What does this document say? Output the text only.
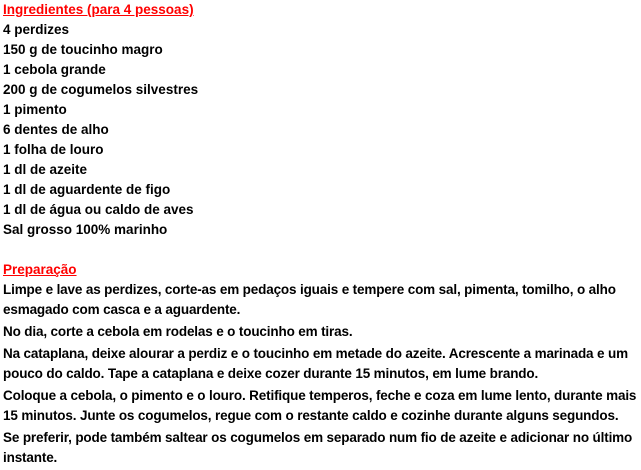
Ingredientes (para 4 pessoas)
4 perdizes
150 g de toucinho magro
1 cebola grande
200 g de cogumelos silvestres
1 pimento
6 dentes de alho
1 folha de louro
1 dl de azeite
1 dl de aguardente de figo
1 dl de água ou caldo de aves
Sal grosso 100% marinho
Preparação

Limpe e lave as perdizes, corte-as em pedaços iguais e tempere com sal, pimenta, tomilho, o alho esmagado com casca e a aguardente.

No dia, corte a cebola em rodelas e o toucinho em tiras.

Na cataplana, deixe alourar a perdiz e o toucinho em metade do azeite. Acrescente a marinada e um pouco do caldo. Tape a cataplana e deixe cozer durante 15 minutos, em lume brando.

Coloque a cebola, o pimento e o louro. Retifique temperos, feche e coza em lume lento, durante mais 15 minutos. Junte os cogumelos, regue com o restante caldo e cozinhe durante alguns segundos.

Se preferir, pode também saltear os cogumelos em separado num fio de azeite e adicionar no último instante.
